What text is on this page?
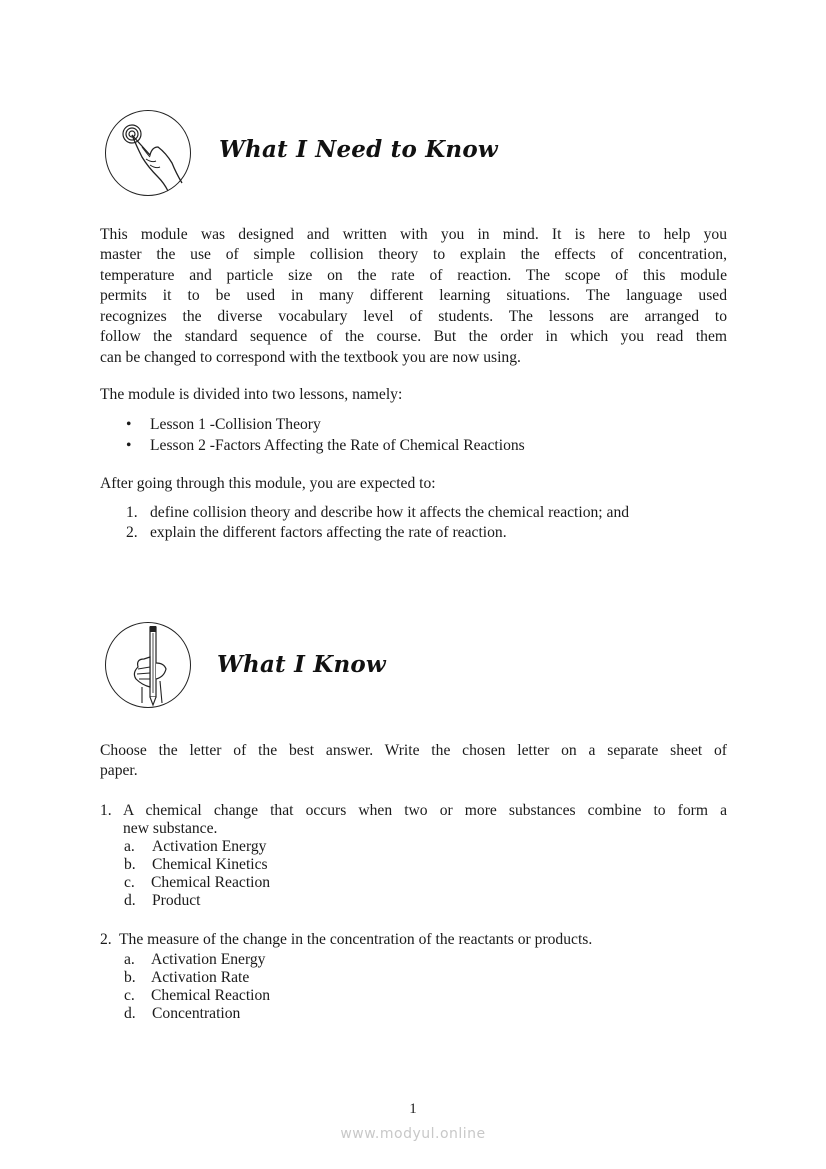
What I Need to Know
This module was designed and written with you in mind. It is here to help you
master the use of simple collision theory to explain the effects of concentration,
temperature and particle size on the rate of reaction. The scope of this module
permits it to be used in many different learning situations. The language used
recognizes the diverse vocabulary level of students. The lessons are arranged to
follow the standard sequence of the course. But the order in which you read them
can be changed to correspond with the textbook you are now using.
The module is divided into two lessons, namely:
• Lesson 1 -Collision Theory
• Lesson 2 -Factors Affecting the Rate of Chemical Reactions
After going through this module, you are expected to:
1. define collision theory and describe how it affects the chemical reaction; and
2. explain the different factors affecting the rate of reaction.
What I Know
Choose the letter of the best answer. Write the chosen letter on a separate sheet of
paper.
1. A chemical change that occurs when two or more substances combine to form a
new substance.
a. Activation Energy
b. Chemical Kinetics
c. Chemical Reaction
d. Product
2. The measure of the change in the concentration of the reactants or products.
a. Activation Energy
b. Activation Rate
c. Chemical Reaction
d. Concentration
1
www.modyul.online
